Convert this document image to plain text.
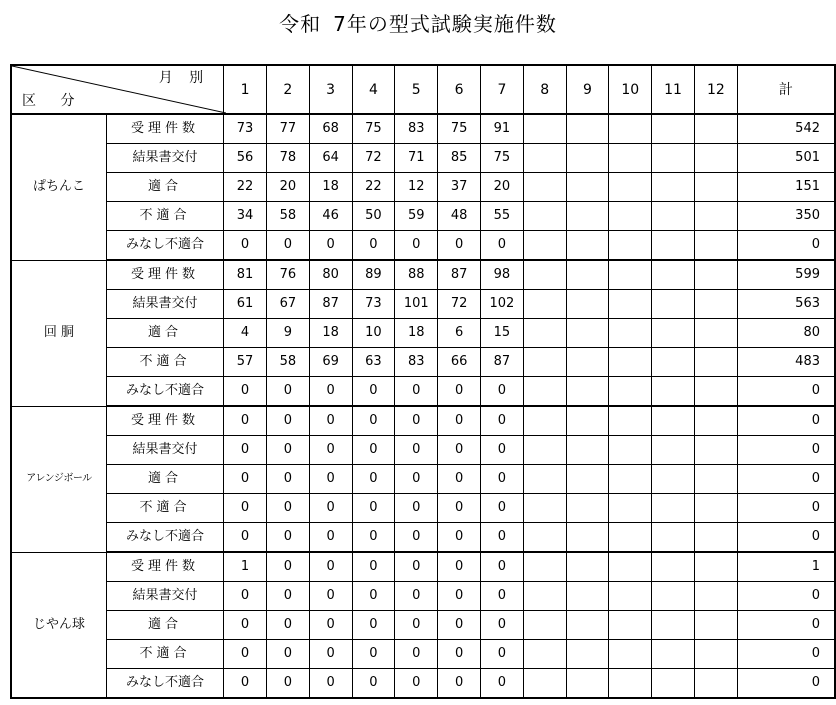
令和 7年の型式試験実施件数
月 別
区 分		1	2	3	4	5	6	7	8	9	10	11	12	計
ぱちんこ	受理件数	73	77	68	75	83	75	91						542
	結果書交付	56	78	64	72	71	85	75						501
	適合	22	20	18	22	12	37	20						151
	不適合	34	58	46	50	59	48	55						350
	みなし不適合	0	0	0	0	0	0	0						0
回 胴	受理件数	81	76	80	89	88	87	98						599
	結果書交付	61	67	87	73	101	72	102						563
	適合	4	9	18	10	18	6	15						80
	不適合	57	58	69	63	83	66	87						483
	みなし不適合	0	0	0	0	0	0	0						0
アレンジボール	受理件数	0	0	0	0	0	0	0						0
	結果書交付	0	0	0	0	0	0	0						0
	適合	0	0	0	0	0	0	0						0
	不適合	0	0	0	0	0	0	0						0
	みなし不適合	0	0	0	0	0	0	0						0
じやん球	受理件数	1	0	0	0	0	0	0						1
	結果書交付	0	0	0	0	0	0	0						0
	適合	0	0	0	0	0	0	0						0
	不適合	0	0	0	0	0	0	0						0
	みなし不適合	0	0	0	0	0	0	0						0
